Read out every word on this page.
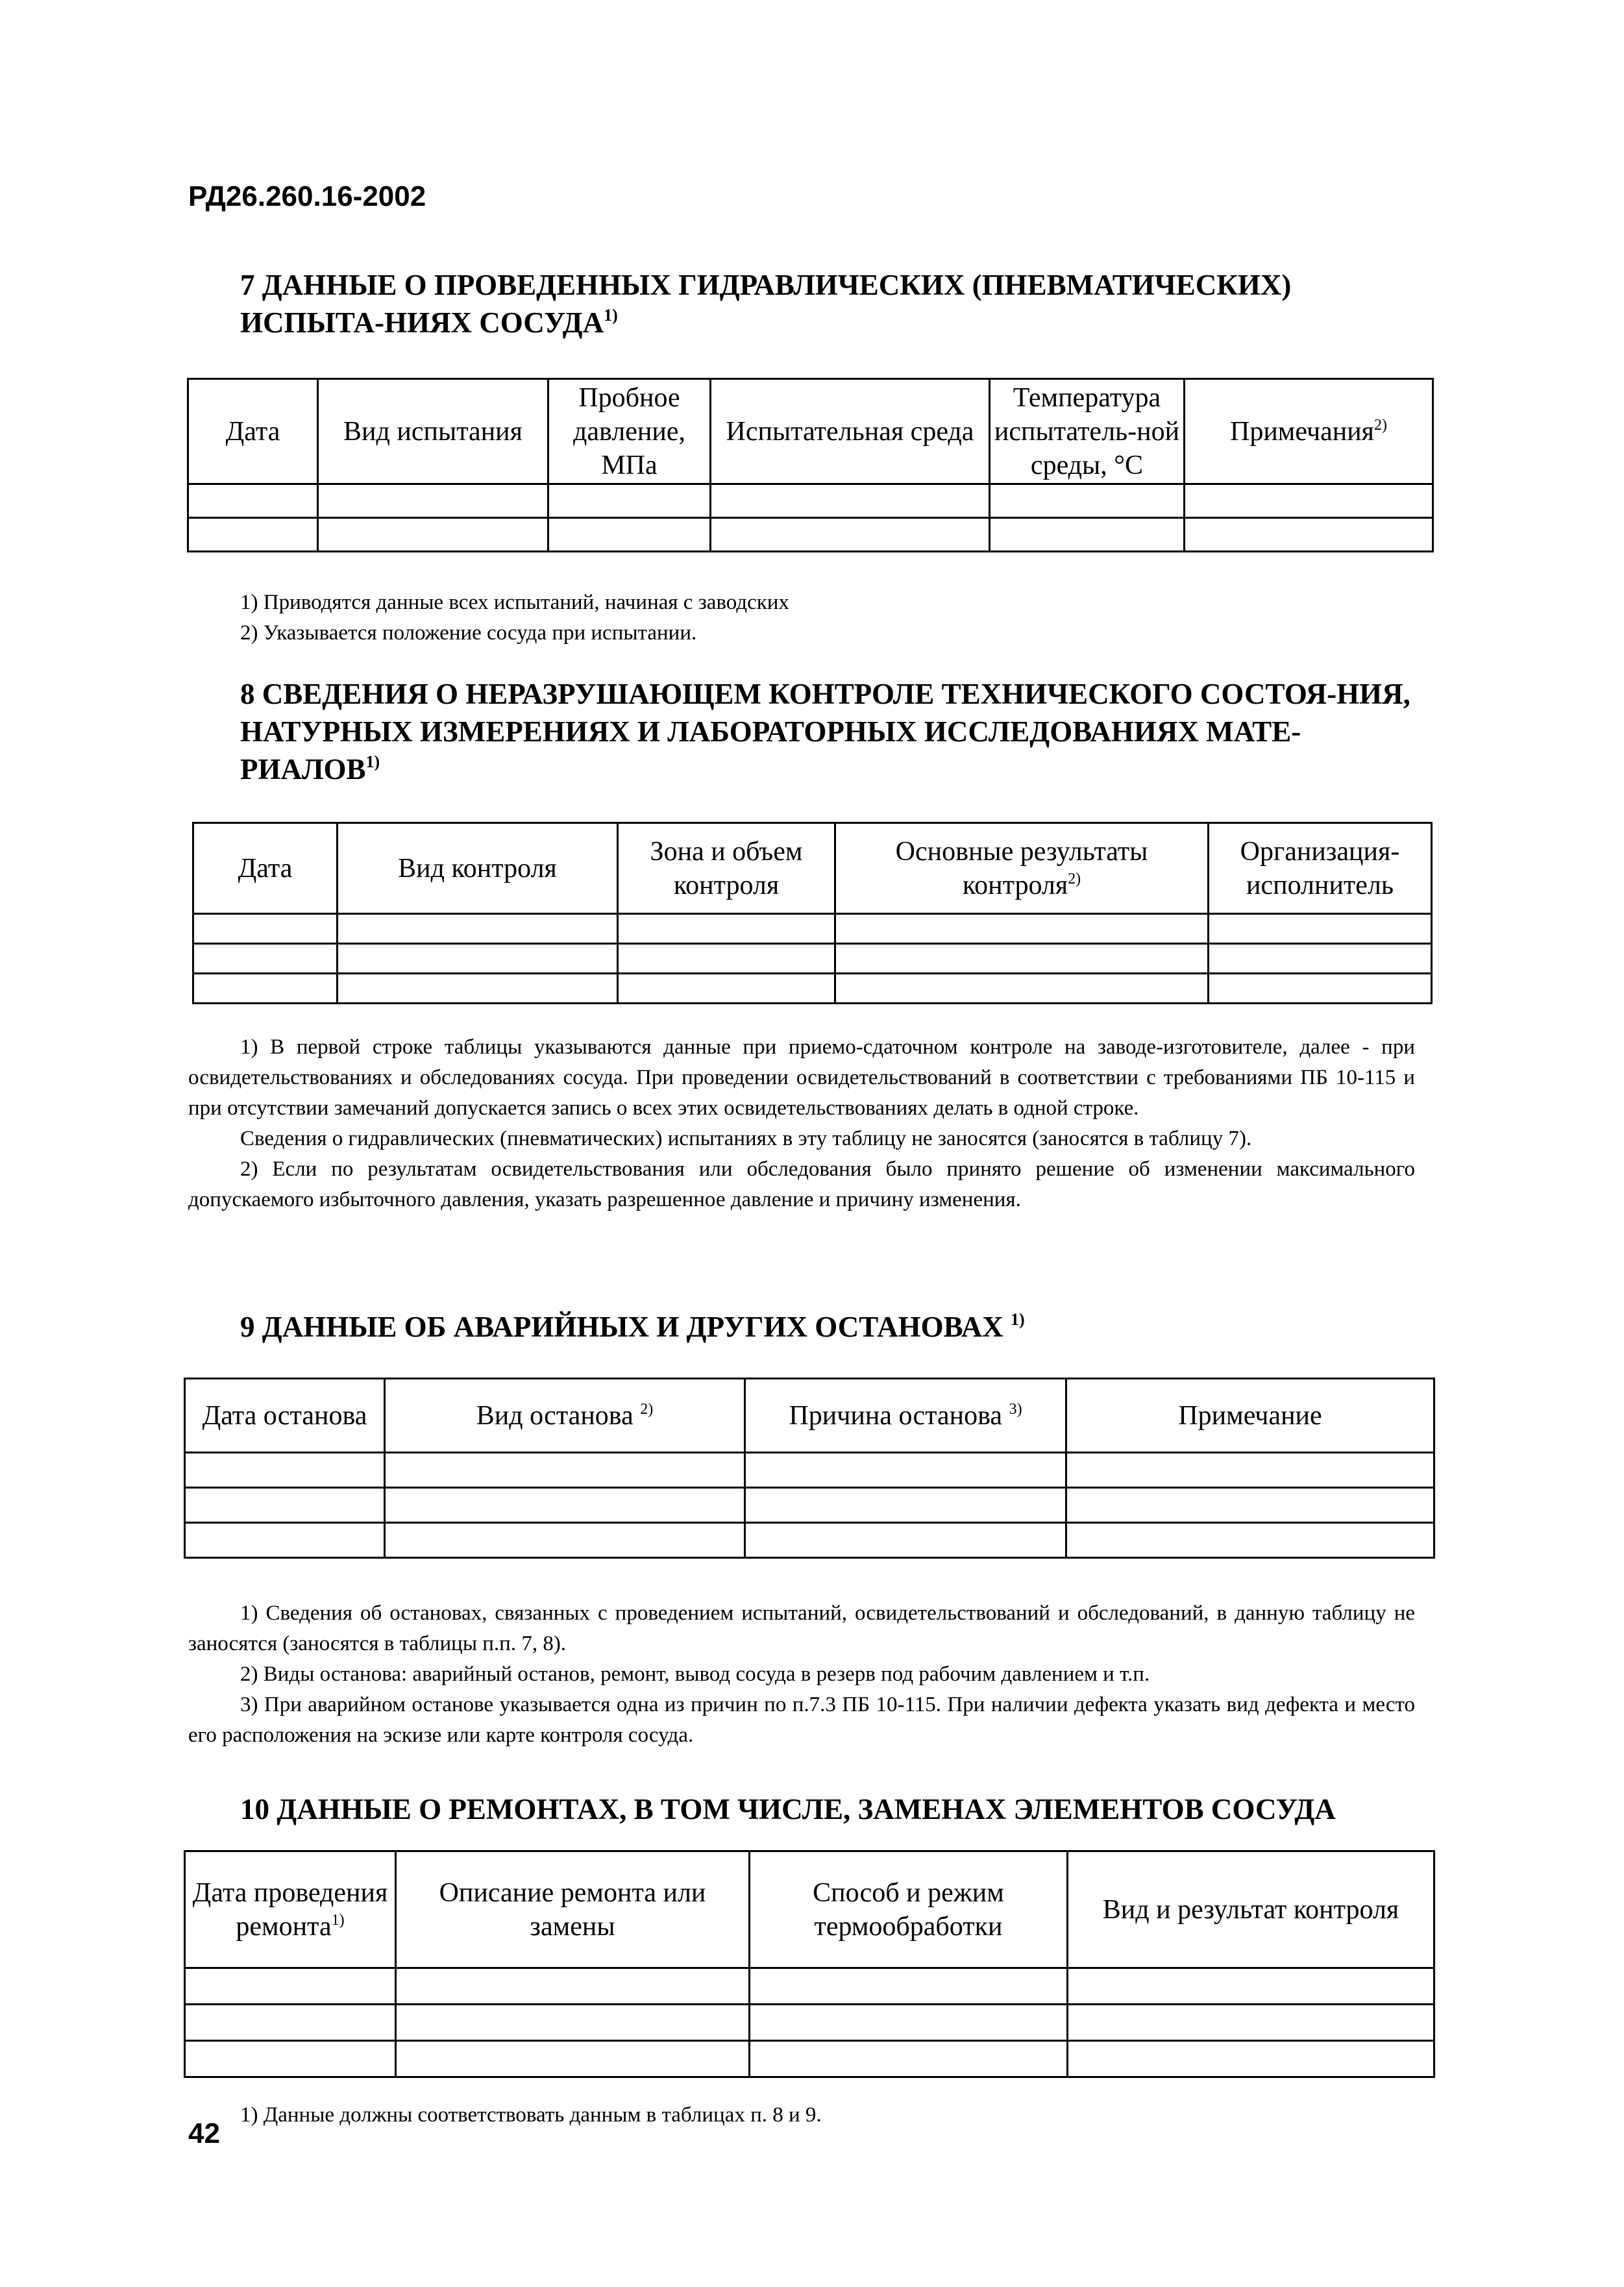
РД26.260.16-2002
7 ДАННЫЕ О ПРОВЕДЕННЫХ ГИДРАВЛИЧЕСКИХ (ПНЕВМАТИЧЕСКИХ) ИСПЫТА-НИЯХ СОСУДА$^{1)}$
Дата	Вид испытания	Пробное давление, МПа	Испытательная среда	Температура испытатель-ной среды, °С	Примечания$^{2)}$

1) Приводятся данные всех испытаний, начиная с заводских

2) Указывается положение сосуда при испытании.

8 СВЕДЕНИЯ О НЕРАЗРУШАЮЩЕМ КОНТРОЛЕ ТЕХНИЧЕСКОГО СОСТОЯ-НИЯ, НАТУРНЫХ ИЗМЕРЕНИЯХ И ЛАБОРАТОРНЫХ ИССЛЕДОВАНИЯХ МАТЕ-РИАЛОВ$^{1)}$
Дата	Вид контроля	Зона и объем контроля	Основные результаты контроля$^{2)}$	Организация-исполнитель

1) В первой строке таблицы указываются данные при приемо-сдаточном контроле на заводе-изготовителе, далее - при освидетельствованиях и обследованиях сосуда. При проведении освидетельствований в соответствии с требованиями ПБ 10-115 и при отсутствии замечаний допускается запись о всех этих освидетельствованиях делать в одной строке.

Сведения о гидравлических (пневматических) испытаниях в эту таблицу не заносятся (заносятся в таблицу 7).

2) Если по результатам освидетельствования или обследования было принято решение об изменении максимального допускаемого избыточного давления, указать разрешенное давление и причину изменения.

9 ДАННЫЕ ОБ АВАРИЙНЫХ И ДРУГИХ ОСТАНОВАХ $^{1)}$
Дата останова	Вид останова $^{2)}$	Причина останова $^{3)}$	Примечание

1) Сведения об остановах, связанных с проведением испытаний, освидетельствований и обследований, в данную таблицу не заносятся (заносятся в таблицы п.п. 7, 8).

2) Виды останова: аварийный останов, ремонт, вывод сосуда в резерв под рабочим давлением и т.п.

3) При аварийном останове указывается одна из причин по п.7.3 ПБ 10-115. При наличии дефекта указать вид дефекта и место его расположения на эскизе или карте контроля сосуда.

10 ДАННЫЕ О РЕМОНТАХ, В ТОМ ЧИСЛЕ, ЗАМЕНАХ ЭЛЕМЕНТОВ СОСУДА
Дата проведения ремонта$^{1)}$	Описание ремонта или замены	Способ и режим термообработки	Вид и результат контроля

1) Данные должны соответствовать данным в таблицах п. 8 и 9.

42
